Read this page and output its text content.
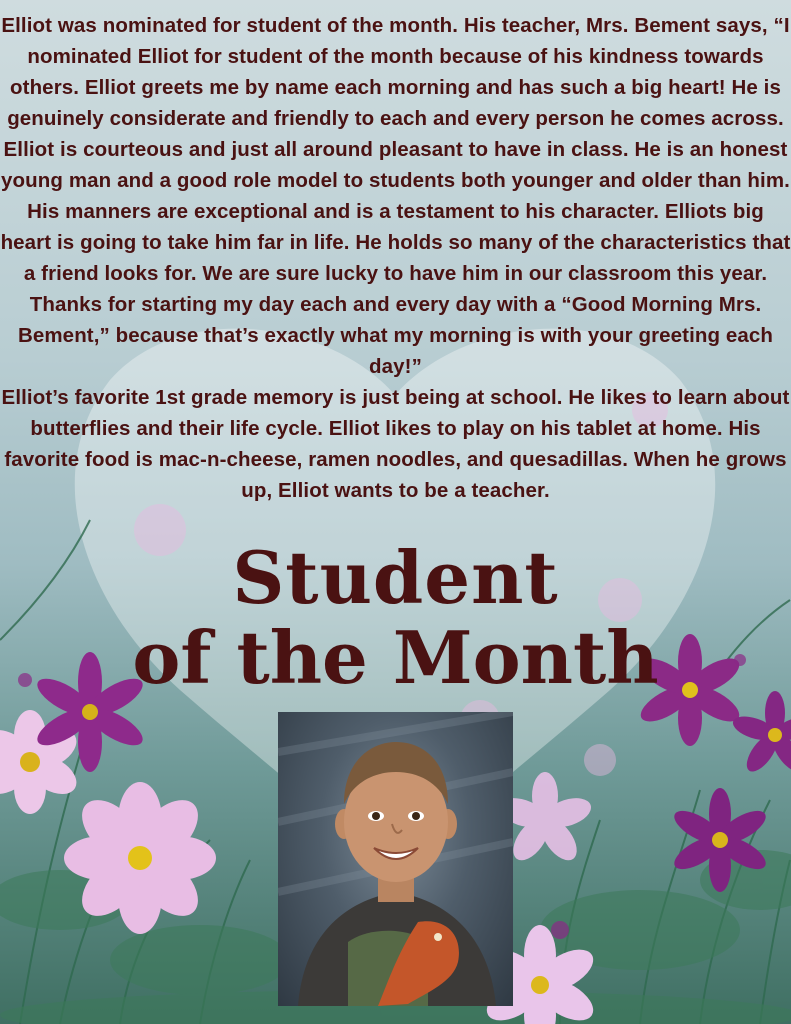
Elliot was nominated for student of the month. His teacher, Mrs. Bement says, “I nominated Elliot for student of the month because of his kindness towards others. Elliot greets me by name each morning and has such a big heart! He is genuinely considerate and friendly to each and every person he comes across. Elliot is courteous and just all around pleasant to have in class. He is an honest young man and a good role model to students both younger and older than him. His manners are exceptional and is a testament to his character. Elliots big heart is going to take him far in life. He holds so many of the characteristics that a friend looks for. We are sure lucky to have him in our classroom this year. Thanks for starting my day each and every day with a “Good Morning Mrs. Bement,” because that’s exactly what my morning is with your greeting each day!”

Elliot’s favorite 1st grade memory is just being at school. He likes to learn about butterflies and their life cycle. Elliot likes to play on his tablet at home. His favorite food is mac-n-cheese, ramen noodles, and quesadillas. When he grows up, Elliot wants to be a teacher.

Student
of the Month
